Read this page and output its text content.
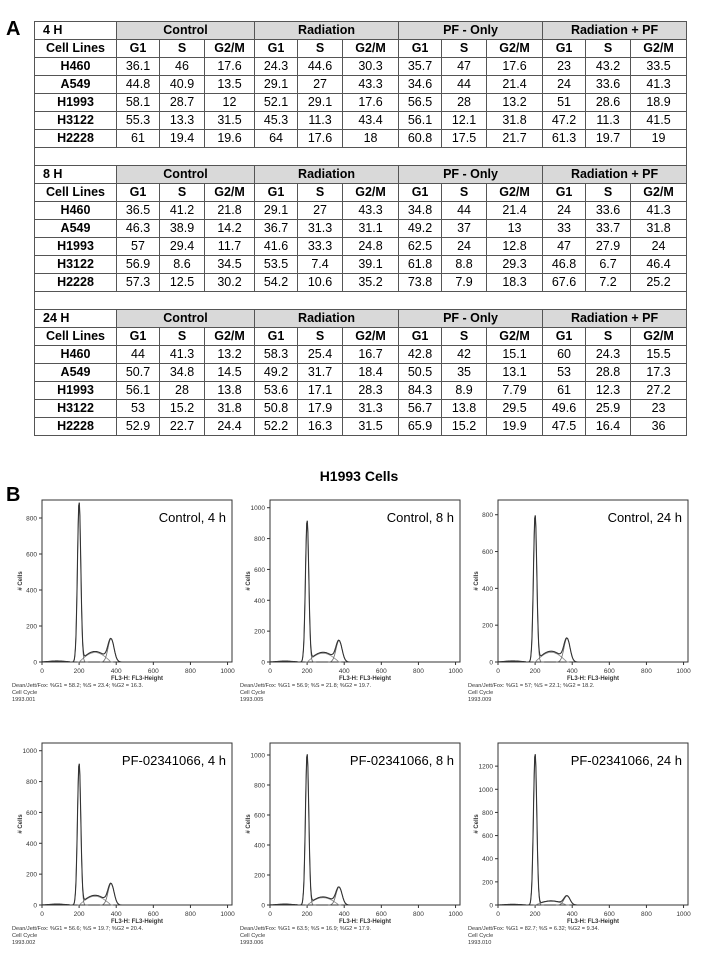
A 4 H	Control			Radiation			PF - Only			Radiation + PF		
Cell Lines	G1	S	G2/M	G1	S	G2/M	G1	S	G2/M	G1	S	G2/M
H460	36.1	46	17.6	24.3	44.6	30.3	35.7	47	17.6	23	43.2	33.5
A549	44.8	40.9	13.5	29.1	27	43.3	34.6	44	21.4	24	33.6	41.3
H1993	58.1	28.7	12	52.1	29.1	17.6	56.5	28	13.2	51	28.6	18.9
H3122	55.3	13.3	31.5	45.3	11.3	43.4	56.1	12.1	31.8	47.2	11.3	41.5
H2228	61	19.4	19.6	64	17.6	18	60.8	17.5	21.7	61.3	19.7	19

8 H	Control			Radiation			PF - Only			Radiation + PF		
Cell Lines	G1	S	G2/M	G1	S	G2/M	G1	S	G2/M	G1	S	G2/M
H460	36.5	41.2	21.8	29.1	27	43.3	34.8	44	21.4	24	33.6	41.3
A549	46.3	38.9	14.2	36.7	31.3	31.1	49.2	37	13	33	33.7	31.8
H1993	57	29.4	11.7	41.6	33.3	24.8	62.5	24	12.8	47	27.9	24
H3122	56.9	8.6	34.5	53.5	7.4	39.1	61.8	8.8	29.3	46.8	6.7	46.4
H2228	57.3	12.5	30.2	54.2	10.6	35.2	73.8	7.9	18.3	67.6	7.2	25.2

24 H	Control			Radiation			PF - Only			Radiation + PF		
Cell Lines	G1	S	G2/M	G1	S	G2/M	G1	S	G2/M	G1	S	G2/M
H460	44	41.3	13.2	58.3	25.4	16.7	42.8	42	15.1	60	24.3	15.5
A549	50.7	34.8	14.5	49.2	31.7	18.4	50.5	35	13.1	53	28.8	17.3
H1993	56.1	28	13.8	53.6	17.1	28.3	84.3	8.9	7.79	61	12.3	27.2
H3122	53	15.2	31.8	50.8	17.9	31.3	56.7	13.8	29.5	49.6	25.9	23
H2228	52.9	22.7	24.4	52.2	16.3	31.5	65.9	15.2	19.9	47.5	16.4	36
B
H1993 Cells
0
200
400
600
800
0	200	400	600	800	1000
FL3-H: FL3-Height
# Cells
Control, 4 h
Dean/Jett/Fox: %G1 = 58.2; %S = 23.4; %G2 = 16.3.
Cell Cycle
1993.001
0
200
400
600
800
1000
0	200	400	600	800	1000
FL3-H: FL3-Height
# Cells
Control, 8 h
Dean/Jett/Fox: %G1 = 56.9; %S = 21.8; %G2 = 19.7.
Cell Cycle
1993.005
0
200
400
600
800
0	200	400	600	800	1000
FL3-H: FL3-Height
# Cells
Control, 24 h
Dean/Jett/Fox: %G1 = 57; %S = 22.1; %G2 = 18.2.
Cell Cycle
1993.009
0
200
400
600
800
1000
0	200	400	600	800	1000
FL3-H: FL3-Height
# Cells
PF-02341066, 4 h
Dean/Jett/Fox: %G1 = 56.6; %S = 19.7; %G2 = 20.4.
Cell Cycle
1993.002
0
200
400
600
800
1000
0	200	400	600	800	1000
FL3-H: FL3-Height
# Cells
PF-02341066, 8 h
Dean/Jett/Fox: %G1 = 63.5; %S = 16.9; %G2 = 17.9.
Cell Cycle
1993.006
0
200
400
600
800
1000
1200
0	200	400	600	800	1000
FL3-H: FL3-Height
# Cells
PF-02341066, 24 h
Dean/Jett/Fox: %G1 = 82.7; %S = 6.32; %G2 = 9.34.
Cell Cycle
1993.010
